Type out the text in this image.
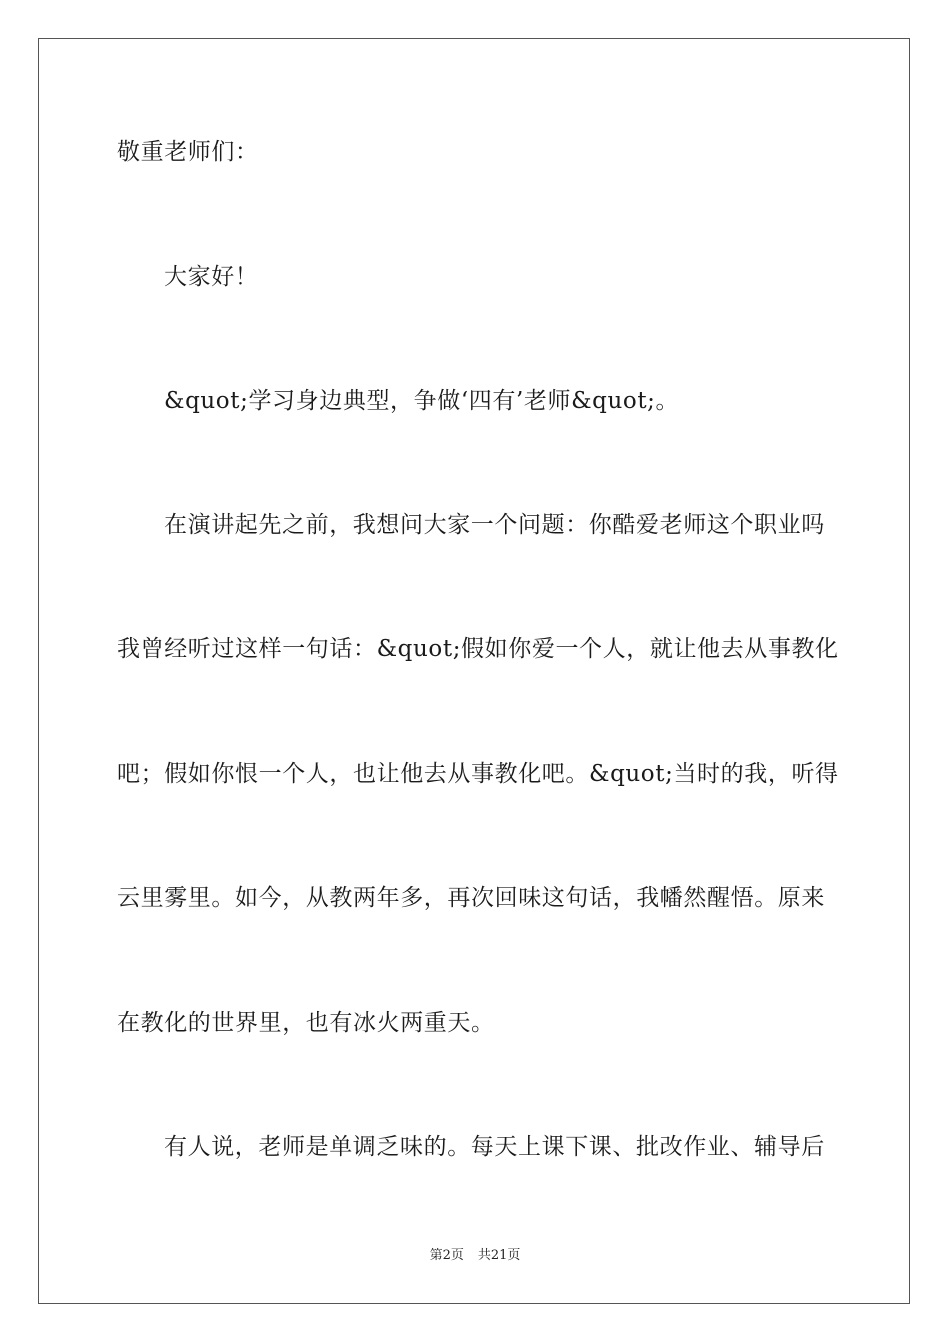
敬重老师们：
大家好！
&quot;学习身边典型，争做‘四有’老师&quot;。
在演讲起先之前，我想问大家一个问题：你酷爱老师这个职业吗
我曾经听过这样一句话：&quot;假如你爱一个人，就让他去从事教化
吧；假如你恨一个人，也让他去从事教化吧。&quot;当时的我，听得
云里雾里。如今，从教两年多，再次回味这句话，我幡然醒悟。原来
在教化的世界里，也有冰火两重天。
有人说，老师是单调乏味的。每天上课下课、批改作业、辅导后
第2页 共21页
